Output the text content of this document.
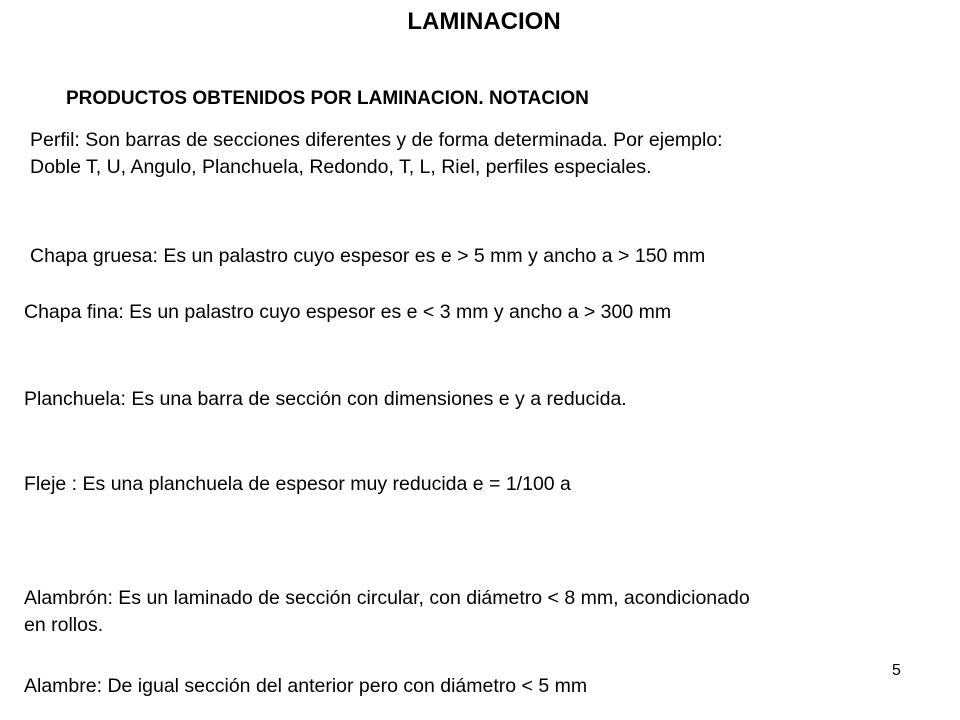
LAMINACION
PRODUCTOS OBTENIDOS POR LAMINACION. NOTACION
Perfil: Son barras de secciones diferentes y de forma determinada. Por ejemplo:
Doble T, U, Angulo, Planchuela, Redondo, T, L, Riel, perfiles especiales.
Chapa gruesa: Es un palastro cuyo espesor es e > 5 mm y ancho a > 150 mm
Chapa fina: Es un palastro cuyo espesor es e < 3 mm y ancho a > 300 mm
Planchuela: Es una barra de sección con dimensiones e y a reducida.
Fleje : Es una planchuela de espesor muy reducida e = 1/100 a
Alambrón: Es un laminado de sección circular, con diámetro < 8 mm, acondicionado
en rollos.
Alambre: De igual sección del anterior pero con diámetro < 5 mm
5
